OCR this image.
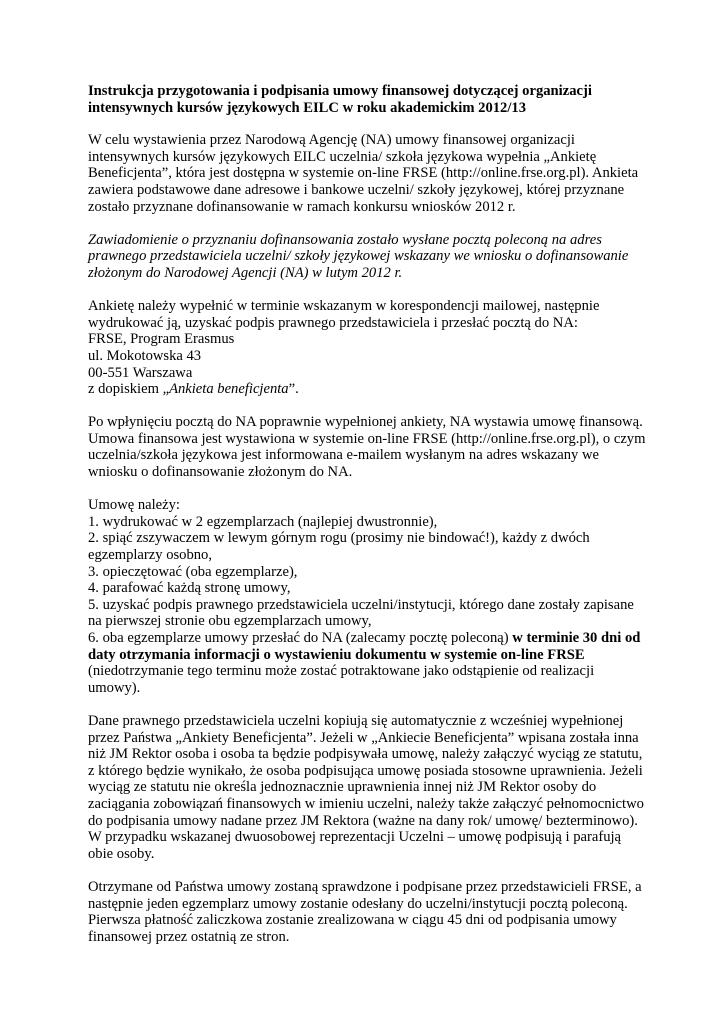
Instrukcja przygotowania i podpisania umowy finansowej dotyczącej organizacji intensywnych kursów językowych EILC w roku akademickim 2012/13

W celu wystawienia przez Narodową Agencję (NA) umowy finansowej organizacji intensywnych kursów językowych EILC uczelnia/ szkoła językowa wypełnia „Ankietę Beneficjenta”, która jest dostępna w systemie on-line FRSE (http://online.frse.org.pl). Ankieta zawiera podstawowe dane adresowe i bankowe uczelni/ szkoły językowej, której przyznane zostało przyznane dofinansowanie w ramach konkursu wniosków 2012 r.

Zawiadomienie o przyznaniu dofinansowania zostało wysłane pocztą poleconą na adres prawnego przedstawiciela uczelni/ szkoły językowej wskazany we wniosku o dofinansowanie złożonym do Narodowej Agencji (NA) w lutym 2012 r.

Ankietę należy wypełnić w terminie wskazanym w korespondencji mailowej, następnie wydrukować ją, uzyskać podpis prawnego przedstawiciela i przesłać pocztą do NA:
FRSE, Program Erasmus
ul. Mokotowska 43
00-551 Warszawa
z dopiskiem „Ankieta beneficjenta”.

Po wpłynięciu pocztą do NA poprawnie wypełnionej ankiety, NA wystawia umowę finansową. Umowa finansowa jest wystawiona w systemie on-line FRSE (http://online.frse.org.pl), o czym uczelnia/szkoła językowa jest informowana e-mailem wysłanym na adres wskazany we wniosku o dofinansowanie złożonym do NA.

Umowę należy:
1. wydrukować w 2 egzemplarzach (najlepiej dwustronnie),
2. spiąć zszywaczem w lewym górnym rogu (prosimy nie bindować!), każdy z dwóch egzemplarzy osobno,
3. opieczętować (oba egzemplarze),
4. parafować każdą stronę umowy,
5. uzyskać podpis prawnego przedstawiciela uczelni/instytucji, którego dane zostały zapisane na pierwszej stronie obu egzemplarzach umowy,
6. oba egzemplarze umowy przesłać do NA (zalecamy pocztę poleconą) w terminie 30 dni od daty otrzymania informacji o wystawieniu dokumentu w systemie on-line FRSE (niedotrzymanie tego terminu może zostać potraktowane jako odstąpienie od realizacji umowy).

Dane prawnego przedstawiciela uczelni kopiują się automatycznie z wcześniej wypełnionej przez Państwa „Ankiety Beneficjenta”. Jeżeli w „Ankiecie Beneficjenta” wpisana została inna niż JM Rektor osoba i osoba ta będzie podpisywała umowę, należy załączyć wyciąg ze statutu, z którego będzie wynikało, że osoba podpisująca umowę posiada stosowne uprawnienia. Jeżeli wyciąg ze statutu nie określa jednoznacznie uprawnienia innej niż JM Rektor osoby do zaciągania zobowiązań finansowych w imieniu uczelni, należy także załączyć pełnomocnictwo do podpisania umowy nadane przez JM Rektora (ważne na dany rok/ umowę/ bezterminowo). W przypadku wskazanej dwuosobowej reprezentacji Uczelni – umowę podpisują i parafują obie osoby.

Otrzymane od Państwa umowy zostaną sprawdzone i podpisane przez przedstawicieli FRSE, a następnie jeden egzemplarz umowy zostanie odesłany do uczelni/instytucji pocztą poleconą. Pierwsza płatność zaliczkowa zostanie zrealizowana w ciągu 45 dni od podpisania umowy finansowej przez ostatnią ze stron.
